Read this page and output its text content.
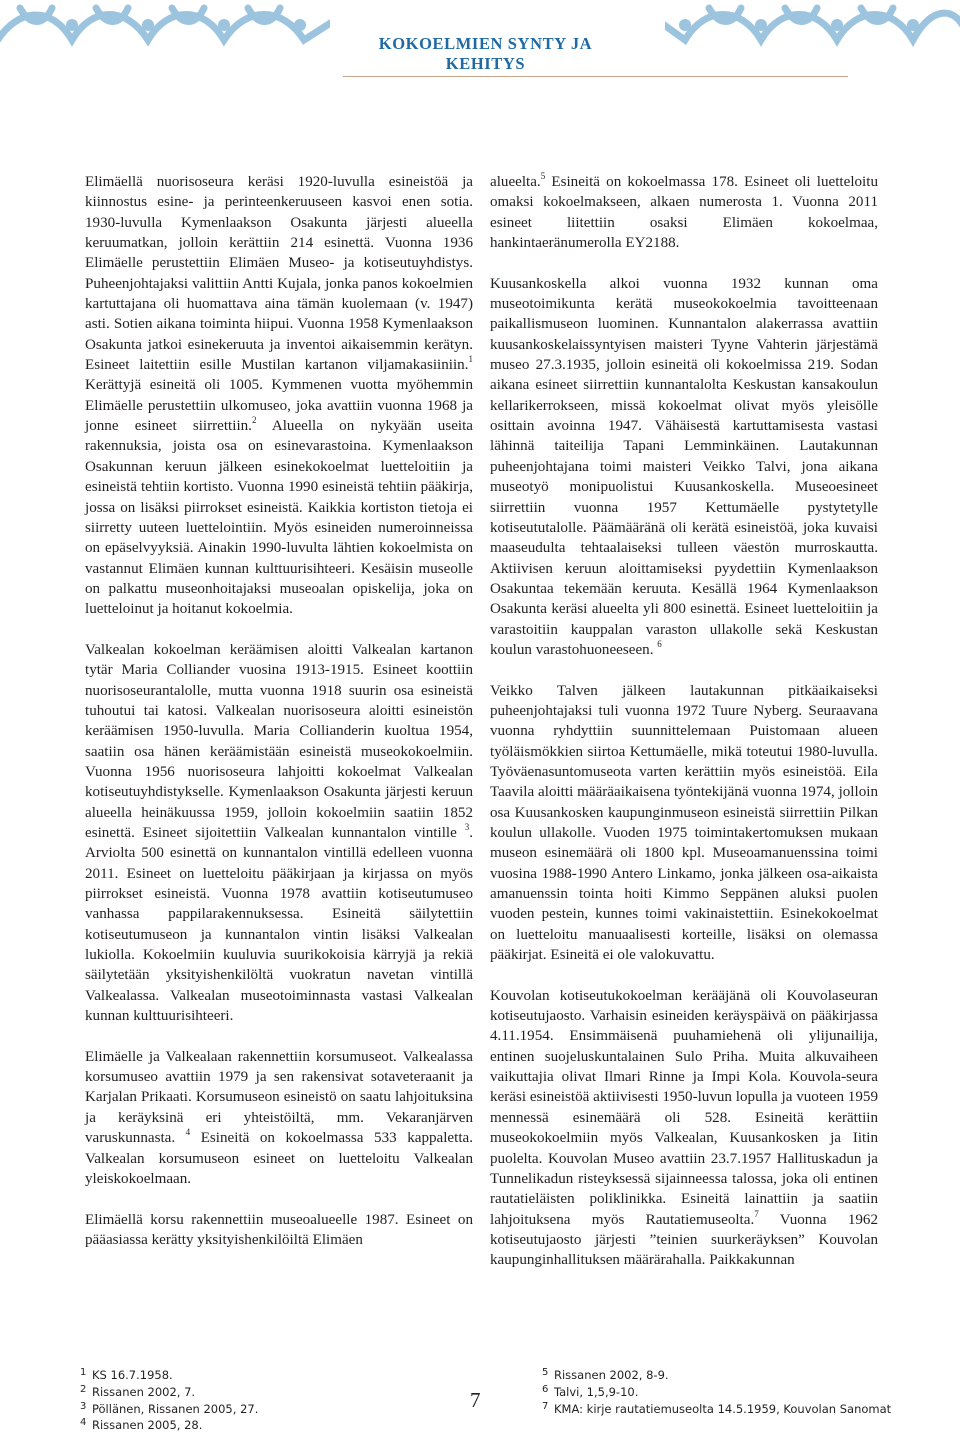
KOKOELMIEN SYNTY JA KEHITYS

Elimäellä nuorisoseura keräsi 1920-luvulla esineistöä ja kiinnostus esine- ja perinteenkeruuseen kasvoi enen sotia. 1930-luvulla Kymenlaakson Osakunta järjesti alueella keruumatkan, jolloin kerättiin 214 esinettä. Vuonna 1936 Elimäelle perustettiin Elimäen Museo- ja kotiseutuyhdistys. Puheenjohtajaksi valittiin Antti Kujala, jonka panos kokoelmien kartuttajana oli huomattava aina tämän kuolemaan (v. 1947) asti. Sotien aikana toiminta hiipui. Vuonna 1958 Kymenlaakson Osakunta jatkoi esinekeruuta ja inventoi aikaisemmin kerätyn. Esineet laitettiin esille Mustilan kartanon viljamakasiiniin.$^1$ Kerättyjä esineitä oli 1005. Kymmenen vuotta myöhemmin Elimäelle perustettiin ulkomuseo, joka avattiin vuonna 1968 ja jonne esineet siirrettiin.$^2$ Alueella on nykyään useita rakennuksia, joista osa on esinevarastoina. Kymenlaakson Osakunnan keruun jälkeen esinekokoelmat luetteloitiin ja esineistä tehtiin kortisto. Vuonna 1990 esineistä tehtiin pääkirja, jossa on lisäksi piirrokset esineistä. Kaikkia kortiston tietoja ei siirretty uuteen luettelointiin. Myös esineiden numeroinneissa on epäselvyyksiä. Ainakin 1990-luvulta lähtien kokoelmista on vastannut Elimäen kunnan kulttuurisihteeri. Kesäisin museolle on palkattu museonhoitajaksi museoalan opiskelija, joka on luetteloinut ja hoitanut kokoelmia.

Valkealan kokoelman keräämisen aloitti Valkealan kartanon tytär Maria Colliander vuosina 1913-1915. Esineet koottiin nuorisoseurantalolle, mutta vuonna 1918 suurin osa esineistä tuhoutui tai katosi. Valkealan nuorisoseura aloitti esineistön keräämisen 1950-luvulla. Maria Collianderin kuoltua 1954, saatiin osa hänen keräämistään esineistä museokokoelmiin. Vuonna 1956 nuorisoseura lahjoitti kokoelmat Valkealan kotiseutuyhdistykselle. Kymenlaakson Osakunta järjesti keruun alueella heinäkuussa 1959, jolloin kokoelmiin saatiin 1852 esinettä. Esineet sijoitettiin Valkealan kunnantalon vintille $^3$. Arviolta 500 esinettä on kunnantalon vintillä edelleen vuonna 2011. Esineet on luetteloitu pääkirjaan ja kirjassa on myös piirrokset esineistä. Vuonna 1978 avattiin kotiseutumuseo vanhassa pappilarakennuksessa. Esineitä säilytettiin kotiseutumuseon ja kunnantalon vintin lisäksi Valkealan lukiolla. Kokoelmiin kuuluvia suurikokoisia kärryjä ja rekiä säilytetään yksityishenkilöltä vuokratun navetan vintillä Valkealassa. Valkealan museotoiminnasta vastasi Valkealan kunnan kulttuurisihteeri.

Elimäelle ja Valkealaan rakennettiin korsumuseot. Valkealassa korsumuseo avattiin 1979 ja sen rakensivat sotaveteraanit ja Karjalan Prikaati. Korsumuseon esineistö on saatu lahjoituksina ja keräyksinä eri yhteistöiltä, mm. Vekaranjärven varuskunnasta. $^4$ Esineitä on kokoelmassa 533 kappaletta. Valkealan korsumuseon esineet on luetteloitu Valkealan yleiskokoelmaan.

Elimäellä korsu rakennettiin museoalueelle 1987. Esineet on pääasiassa kerätty yksityishenkilöiltä Elimäen

alueelta.$^5$ Esineitä on kokoelmassa 178. Esineet oli luetteloitu omaksi kokoelmakseen, alkaen numerosta 1. Vuonna 2011 esineet liitettiin osaksi Elimäen kokoelmaa, hankintaeränumerolla EY2188.

Kuusankoskella alkoi vuonna 1932 kunnan oma museotoimikunta kerätä museokokoelmia tavoitteenaan paikallismuseon luominen. Kunnantalon alakerrassa avattiin kuusankoskelaissyntyisen maisteri Tyyne Vahterin järjestämä museo 27.3.1935, jolloin esineitä oli kokoelmissa 219. Sodan aikana esineet siirrettiin kunnantalolta Keskustan kansakoulun kellarikerrokseen, missä kokoelmat olivat myös yleisölle osittain avoinna 1947. Vähäisestä kartuttamisesta vastasi lähinnä taiteilija Tapani Lemminkäinen. Lautakunnan puheenjohtajana toimi maisteri Veikko Talvi, jona aikana museotyö monipuolistui Kuusankoskella. Museoesineet siirrettiin vuonna 1957 Kettumäelle pystytetylle kotiseututalolle. Päämääränä oli kerätä esineistöä, joka kuvaisi maaseudulta tehtaalaiseksi tulleen väestön murroskautta. Aktiivisen keruun aloittamiseksi pyydettiin Kymenlaakson Osakuntaa tekemään keruuta. Kesällä 1964 Kymenlaakson Osakunta keräsi alueelta yli 800 esinettä. Esineet luetteloitiin ja varastoitiin kauppalan varaston ullakolle sekä Keskustan koulun varastohuoneeseen. $^6$

Veikko Talven jälkeen lautakunnan pitkäaikaiseksi puheenjohtajaksi tuli vuonna 1972 Tuure Nyberg. Seuraavana vuonna ryhdyttiin suunnittelemaan Puistomaan alueen työläismökkien siirtoa Kettumäelle, mikä toteutui 1980-luvulla. Työväenasuntomuseota varten kerättiin myös esineistöä. Eila Taavila aloitti määräaikaisena työntekijänä vuonna 1974, jolloin osa Kuusankosken kaupunginmuseon esineistä siirrettiin Pilkan koulun ullakolle. Vuoden 1975 toimintakertomuksen mukaan museon esinemäärä oli 1800 kpl. Museoamanuenssina toimi vuosina 1988-1990 Antero Linkamo, jonka jälkeen osa-aikaista amanuenssin tointa hoiti Kimmo Seppänen aluksi puolen vuoden pestein, kunnes toimi vakinaistettiin. Esinekokoelmat on luetteloitu manuaalisesti korteille, lisäksi on olemassa pääkirjat. Esineitä ei ole valokuvattu.

Kouvolan kotiseutukokoelman kerääjänä oli Kouvolaseuran kotiseutujaosto. Varhaisin esineiden keräyspäivä on pääkirjassa 4.11.1954. Ensimmäisenä puuhamiehenä oli ylijunailija, entinen suojeluskuntalainen Sulo Priha. Muita alkuvaiheen vaikuttajia olivat Ilmari Rinne ja Impi Kola. Kouvola-seura keräsi esineistöä aktiivisesti 1950-luvun lopulla ja vuoteen 1959 mennessä esinemäärä oli 528. Esineitä kerättiin museokokoelmiin myös Valkealan, Kuusankosken ja Iitin puolelta. Kouvolan Museo avattiin 23.7.1957 Hallituskadun ja Tunnelikadun risteyksessä sijainneessa talossa, joka oli entinen rautatieläisten poliklinikka. Esineitä lainattiin ja saatiin lahjoituksena myös Rautatiemuseolta.$^7$ Vuonna 1962 kotiseutujaosto järjesti ”teinien suurkeräyksen” Kouvolan kaupunginhallituksen määrärahalla. Paikkakunnan

1 KS 16.7.1958.
2 Rissanen 2002, 7.
3 Pöllänen, Rissanen 2005, 27.
4 Rissanen 2005, 28.
7
5 Rissanen 2002, 8-9.
6 Talvi, 1,5,9-10.
7 KMA: kirje rautatiemuseolta 14.5.1959, Kouvolan Sanomat
